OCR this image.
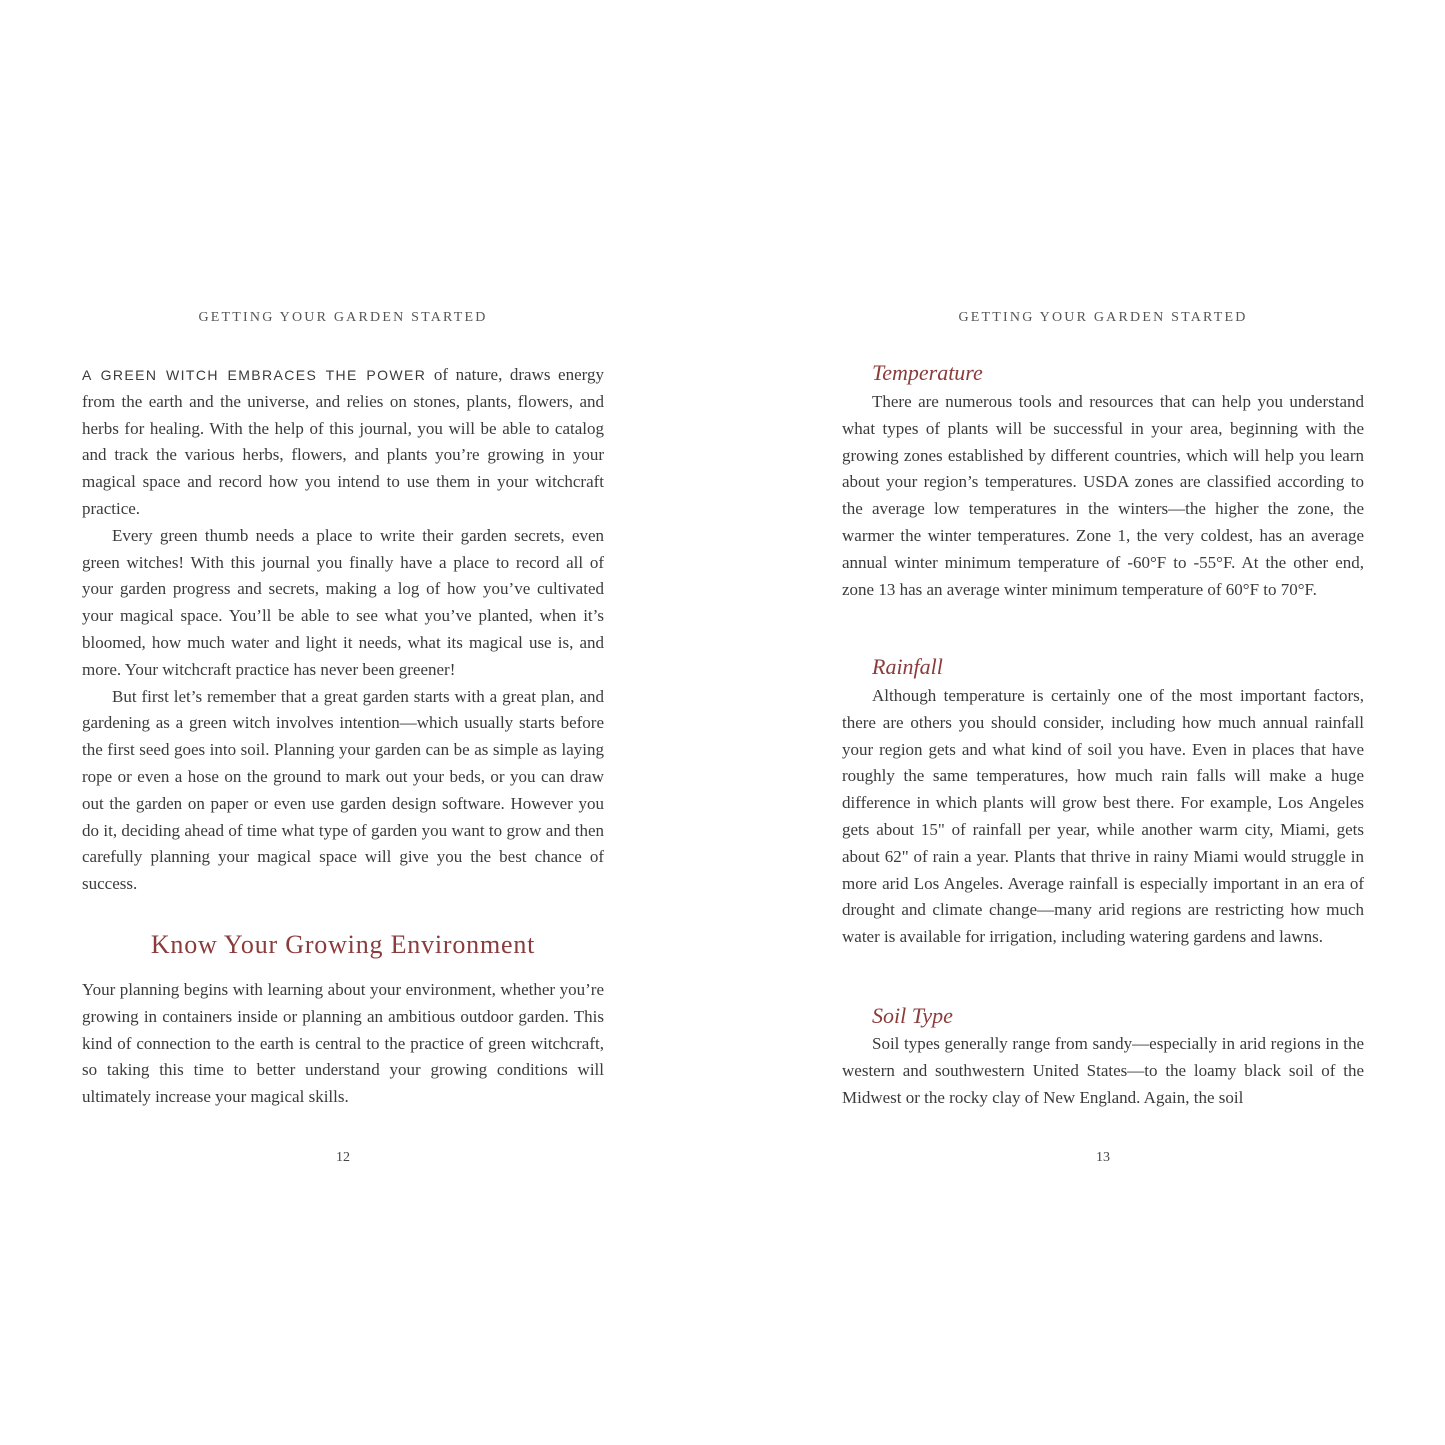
GETTING YOUR GARDEN STARTED

A GREEN WITCH EMBRACES THE POWER of nature, draws energy from the earth and the universe, and relies on stones, plants, flowers, and herbs for healing. With the help of this journal, you will be able to catalog and track the various herbs, flowers, and plants you’re growing in your magical space and record how you intend to use them in your witchcraft practice.

Every green thumb needs a place to write their garden secrets, even green witches! With this journal you finally have a place to record all of your garden progress and secrets, making a log of how you’ve cultivated your magical space. You’ll be able to see what you’ve planted, when it’s bloomed, how much water and light it needs, what its magical use is, and more. Your witchcraft practice has never been greener!

But first let’s remember that a great garden starts with a great plan, and gardening as a green witch involves intention—which usually starts before the first seed goes into soil. Planning your garden can be as simple as laying rope or even a hose on the ground to mark out your beds, or you can draw out the garden on paper or even use garden design software. However you do it, deciding ahead of time what type of garden you want to grow and then carefully planning your magical space will give you the best chance of success.

Know Your Growing Environment

Your planning begins with learning about your environment, whether you’re growing in containers inside or planning an ambitious outdoor garden. This kind of connection to the earth is central to the practice of green witchcraft, so taking this time to better understand your growing conditions will ultimately increase your magical skills.

12
GETTING YOUR GARDEN STARTED
Temperature

There are numerous tools and resources that can help you understand what types of plants will be successful in your area, beginning with the growing zones established by different countries, which will help you learn about your region’s temperatures. USDA zones are classified according to the average low temperatures in the winters—the higher the zone, the warmer the winter temperatures. Zone 1, the very coldest, has an average annual winter minimum temperature of -60°F to -55°F. At the other end, zone 13 has an average winter minimum temperature of 60°F to 70°F.

Rainfall

Although temperature is certainly one of the most important factors, there are others you should consider, including how much annual rainfall your region gets and what kind of soil you have. Even in places that have roughly the same temperatures, how much rain falls will make a huge difference in which plants will grow best there. For example, Los Angeles gets about 15" of rainfall per year, while another warm city, Miami, gets about 62" of rain a year. Plants that thrive in rainy Miami would struggle in more arid Los Angeles. Average rainfall is especially important in an era of drought and climate change—many arid regions are restricting how much water is available for irrigation, including watering gardens and lawns.

Soil Type

Soil types generally range from sandy—especially in arid regions in the western and southwestern United States—to the loamy black soil of the Midwest or the rocky clay of New England. Again, the soil

13
